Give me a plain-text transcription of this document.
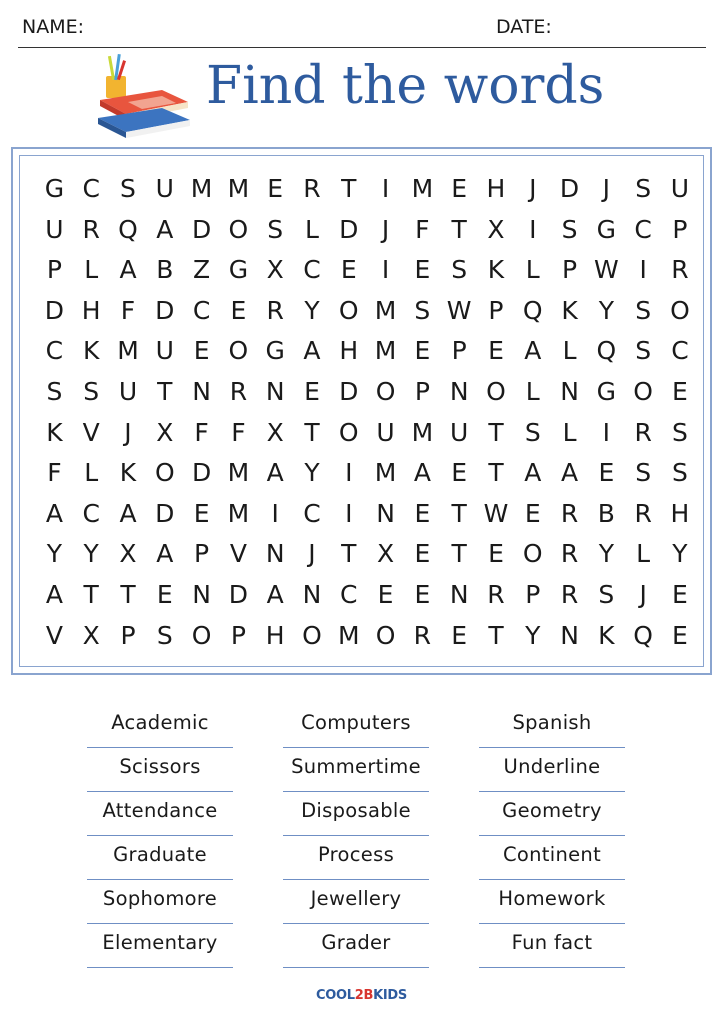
NAME:	DATE:
Find the words
G C S U M M E R T	I M E H J D J	S U
U R Q A D O S L D J	F T X I	S G C P
P L A B Z G X C E	I	E S K L P W I R
D H F D C E R Y O M S W P Q K Y S O
C K M U E O G A H M E P E A L Q S C
S S U T N R N E D O P N O L N G O E
K V J X F F X T O U M U T S L	I R S
F L K O D M A Y	I M A E T A A E S S
A C A D E M I C I N E T W E R B R H
Y Y X A P V N J	T X E T E O R Y L Y
A T T E N D A N C E E N R P R S	J	E
V X P S O P H O M O R E T Y N K Q E
Academic	Computers	Spanish
Scissors	Summertime	Underline
Attendance	Disposable	Geometry
Graduate	Process	Continent
Sophomore	Jewellery	Homework
Elementary	Grader	Fun fact
COOL2BKIDS
